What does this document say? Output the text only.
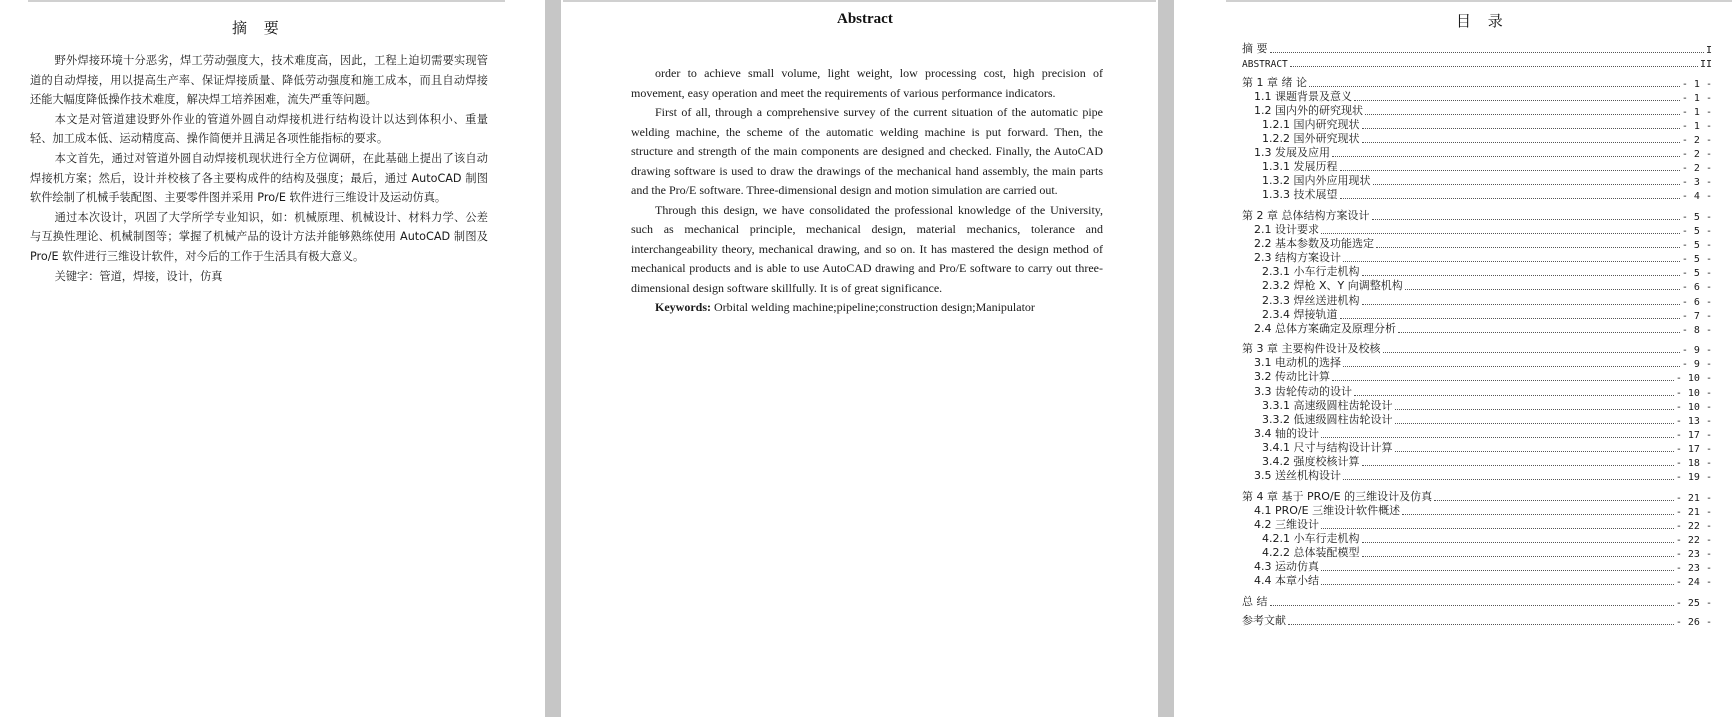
摘 要

野外焊接环境十分恶劣，焊工劳动强度大，技术难度高，因此，工程上迫切需要实现管道的自动焊接，用以提高生产率、保证焊接质量、降低劳动强度和施工成本，而且自动焊接还能大幅度降低操作技术难度，解决焊工培养困难，流失严重等问题。

本文是对管道建设野外作业的管道外圆自动焊接机进行结构设计以达到体积小、重量轻、加工成本低、运动精度高、操作简便并且满足各项性能指标的要求。

本文首先，通过对管道外圆自动焊接机现状进行全方位调研，在此基础上提出了该自动焊接机方案；然后，设计并校核了各主要构成件的结构及强度；最后，通过 AutoCAD 制图软件绘制了机械手装配图、主要零件图并采用 Pro/E 软件进行三维设计及运动仿真。

通过本次设计，巩固了大学所学专业知识，如：机械原理、机械设计、材料力学、公差与互换性理论、机械制图等；掌握了机械产品的设计方法并能够熟练使用 AutoCAD 制图及 Pro/E 软件进行三维设计软件，对今后的工作于生活具有极大意义。

关键字：管道，焊接，设计，仿真

Abstract

order to achieve small volume, light weight, low processing cost, high precision of movement, easy operation and meet the requirements of various performance indicators.

First of all, through a comprehensive survey of the current situation of the automatic pipe welding machine, the scheme of the automatic welding machine is put forward. Then, the structure and strength of the main components are designed and checked. Finally, the AutoCAD drawing software is used to draw the drawings of the mechanical hand assembly, the main parts and the Pro/E software. Three-dimensional design and motion simulation are carried out.

Through this design, we have consolidated the professional knowledge of the University, such as mechanical principle, mechanical design, material mechanics, tolerance and interchangeability theory, mechanical drawing, and so on. It has mastered the design method of mechanical products and is able to use AutoCAD drawing and Pro/E software to carry out three-dimensional design software skillfully. It is of great significance.

Keywords: Orbital welding machine;pipeline;construction design;Manipulator

目 录
摘 要	I
ABSTRACT	II
第 1 章 绪 论	- 1 -
1.1 课题背景及意义	- 1 -
1.2 国内外的研究现状	- 1 -
1.2.1 国内研究现状	- 1 -
1.2.2 国外研究现状	- 2 -
1.3 发展及应用	- 2 -
1.3.1 发展历程	- 2 -
1.3.2 国内外应用现状	- 3 -
1.3.3 技术展望	- 4 -
第 2 章 总体结构方案设计	- 5 -
2.1 设计要求	- 5 -
2.2 基本参数及功能选定	- 5 -
2.3 结构方案设计	- 5 -
2.3.1 小车行走机构	- 5 -
2.3.2 焊枪 X、Y 向调整机构	- 6 -
2.3.3 焊丝送进机构	- 6 -
2.3.4 焊接轨道	- 7 -
2.4 总体方案确定及原理分析	- 8 -
第 3 章 主要构件设计及校核	- 9 -
3.1 电动机的选择	- 9 -
3.2 传动比计算	- 10 -
3.3 齿轮传动的设计	- 10 -
3.3.1 高速级圆柱齿轮设计	- 10 -
3.3.2 低速级圆柱齿轮设计	- 13 -
3.4 轴的设计	- 17 -
3.4.1 尺寸与结构设计计算	- 17 -
3.4.2 强度校核计算	- 18 -
3.5 送丝机构设计	- 19 -
第 4 章 基于 PRO/E 的三维设计及仿真	- 21 -
4.1 PRO/E 三维设计软件概述	- 21 -
4.2 三维设计	- 22 -
4.2.1 小车行走机构	- 22 -
4.2.2 总体装配模型	- 23 -
4.3 运动仿真	- 23 -
4.4 本章小结	- 24 -
总 结	- 25 -
参考文献	- 26 -
